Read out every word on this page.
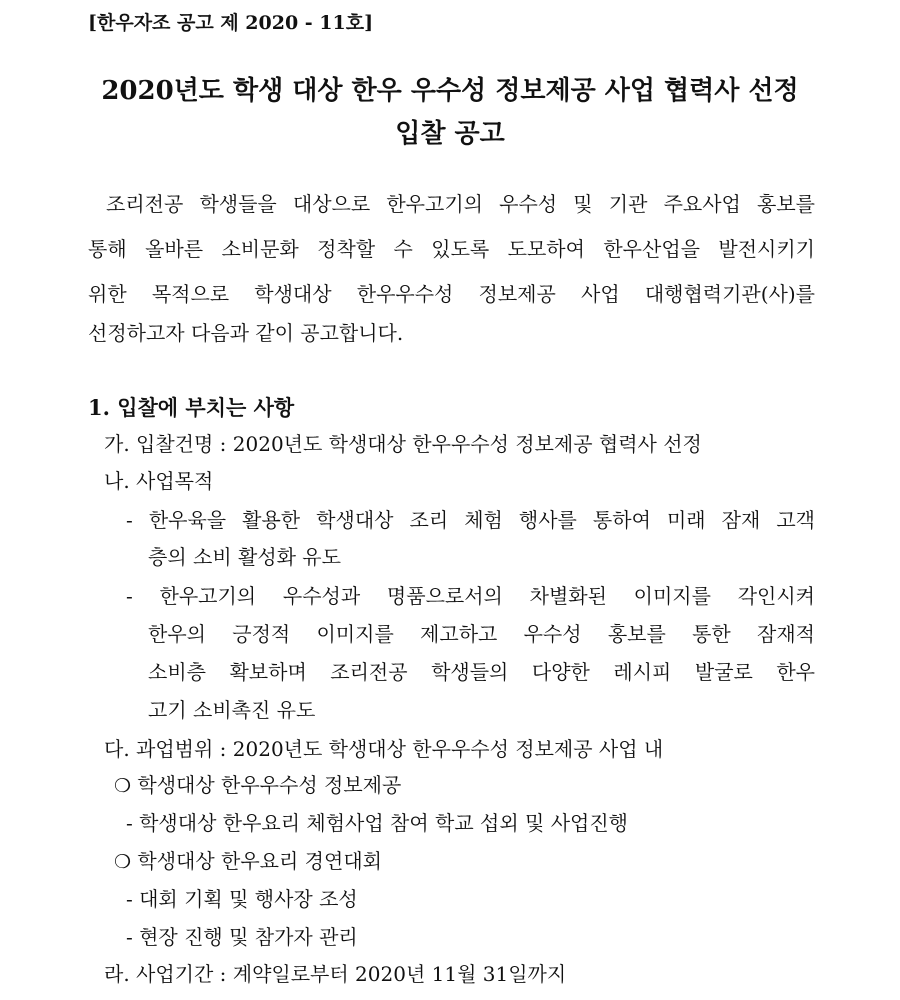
[한우자조 공고 제 2020 - 11호]
2020년도 학생 대상 한우 우수성 정보제공 사업 협력사 선정
입찰 공고
조리전공 학생들을 대상으로 한우고기의 우수성 및 기관 주요사업 홍보를
통해 올바른 소비문화 정착할 수 있도록 도모하여 한우산업을 발전시키기
위한 목적으로 학생대상 한우우수성 정보제공 사업 대행협력기관(사)를
선정하고자 다음과 같이 공고합니다.
1. 입찰에 부치는 사항
가. 입찰건명 : 2020년도 학생대상 한우우수성 정보제공 협력사 선정
나. 사업목적
- 한우육을 활용한 학생대상 조리 체험 행사를 통하여 미래 잠재 고객
층의 소비 활성화 유도
- 한우고기의 우수성과 명품으로서의 차별화된 이미지를 각인시켜
한우의 긍정적 이미지를 제고하고 우수성 홍보를 통한 잠재적
소비층 확보하며 조리전공 학생들의 다양한 레시피 발굴로 한우
고기 소비촉진 유도
다. 과업범위 : 2020년도 학생대상 한우우수성 정보제공 사업 내
❍ 학생대상 한우우수성 정보제공
- 학생대상 한우요리 체험사업 참여 학교 섭외 및 사업진행
❍ 학생대상 한우요리 경연대회
- 대회 기획 및 행사장 조성
- 현장 진행 및 참가자 관리
라. 사업기간 : 계약일로부터 2020년 11월 31일까지
